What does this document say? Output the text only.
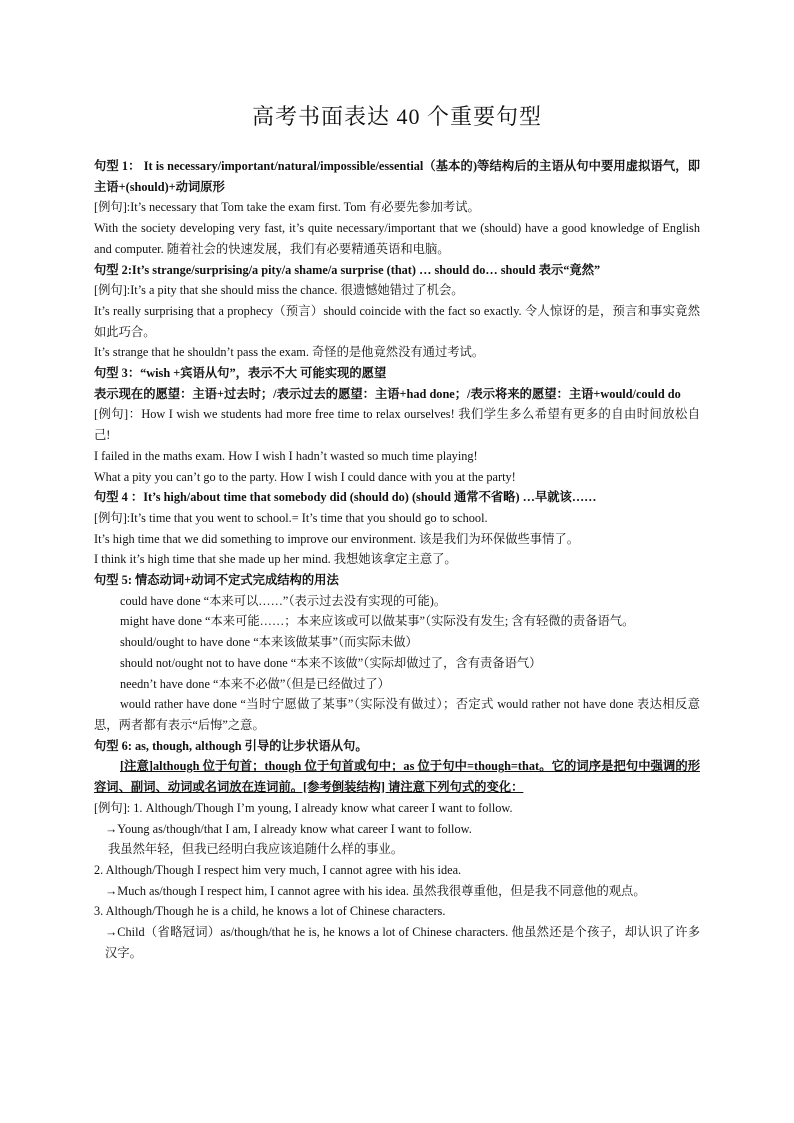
高考书面表达 40 个重要句型

句型 1： It is necessary/important/natural/impossible/essential（基本的)等结构后的主语从句中要用虚拟语气，即主语+(should)+动词原形

[例句]:It’s necessary that Tom take the exam first. Tom 有必要先参加考试。

With the society developing very fast, it’s quite necessary/important that we (should) have a good knowledge of English and computer. 随着社会的快速发展，我们有必要精通英语和电脑。

句型 2:It’s strange/surprising/a pity/a shame/a surprise (that) … should do… should 表示“竟然”

[例句]:It’s a pity that she should miss the chance. 很遗憾她错过了机会。

It’s really surprising that a prophecy（预言）should coincide with the fact so exactly. 令人惊讶的是，预言和事实竟然如此巧合。

It’s strange that he shouldn’t pass the exam. 奇怪的是他竟然没有通过考试。

句型 3：“wish +宾语从句”，表示不大 可能实现的愿望

表示现在的愿望：主语+过去时；/表示过去的愿望：主语+had done；/表示将来的愿望：主语+would/could do

[例句]：How I wish we students had more free time to relax ourselves! 我们学生多么希望有更多的自由时间放松自己!

I failed in the maths exam. How I wish I hadn’t wasted so much time playing!

What a pity you can’t go to the party. How I wish I could dance with you at the party!

句型 4 ：It’s high/about time that somebody did (should do) (should 通常不省略) …早就该……

[例句]:It’s time that you went to school.= It’s time that you should go to school.

It’s high time that we did something to improve our environment. 该是我们为环保做些事情了。

I think it’s high time that she made up her mind. 我想她该拿定主意了。

句型 5: 情态动词+动词不定式完成结构的用法

could have done “本来可以……”（表示过去没有实现的可能)。

might have done “本来可能……；本来应该或可以做某事”（实际没有发生; 含有轻微的责备语气。

should/ought to have done “本来该做某事”（而实际未做）

should not/ought not to have done “本来不该做”（实际却做过了，含有责备语气）

needn’t have done “本来不必做”（但是已经做过了）

would rather have done “当时宁愿做了某事”（实际没有做过）；否定式 would rather not have done 表达相反意思，两者都有表示“后悔”之意。

句型 6: as, though, although 引导的让步状语从句。

[注意]although 位于句首；though 位于句首或句中；as 位于句中=though=that。它的词序是把句中强调的形容词、副词、动词或名词放在连词前。[参考倒装结构] 请注意下列句式的变化：

[例句]: 1. Although/Though I’m young, I already know what career I want to follow.

→Young as/though/that I am, I already know what career I want to follow.

我虽然年轻，但我已经明白我应该追随什么样的事业。

2. Although/Though I respect him very much, I cannot agree with his idea.

→Much as/though I respect him, I cannot agree with his idea. 虽然我很尊重他，但是我不同意他的观点。

3. Although/Though he is a child, he knows a lot of Chinese characters.

→Child（省略冠词）as/though/that he is, he knows a lot of Chinese characters. 他虽然还是个孩子，却认识了许多汉字。
